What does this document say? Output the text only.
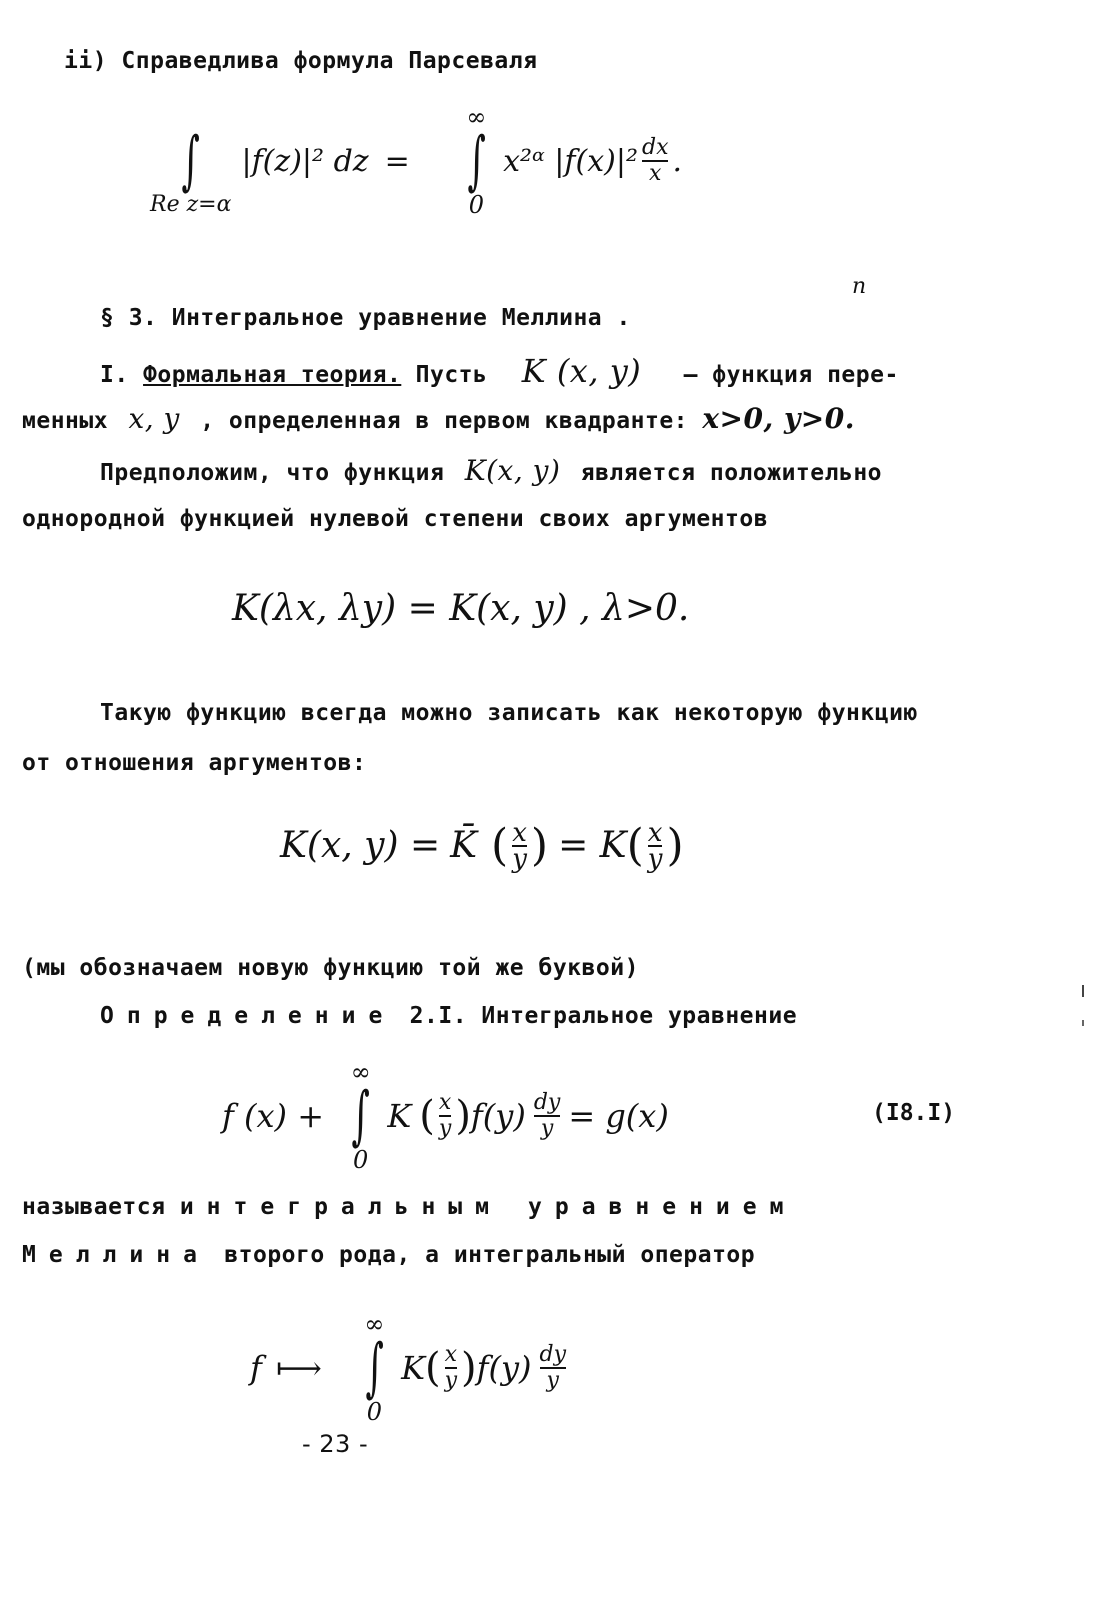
ii) Справедлива формула Парсеваля
∫
Re z=α
|f(z)|² dz =
∞
∫
0
x²ᵅ $|f(x)|^2 \frac{dx}{x}$ .
n
§ 3. Интегральное уравнение Меллина .
I. Формальная теория. Пусть K (x, y) – функция пере-
менных x, y , определенная в первом квадранте: x>0, y>0.
Предположим, что функция K(x, y) является положительно
однородной функцией нулевой степени своих аргументов
K(λx, λy) = K(x, y) , λ>0.
Такую функцию всегда можно записать как некоторую функцию
от отношения аргументов:
K(x, y) = K̄ ( $\frac{x}{y}$ ) = K ( $\frac{x}{y}$ )
(мы обозначаем новую функцию той же буквой)
Определение 2.I. Интегральное уравнение
f (x) +
∞
∫
0
K ( $\frac{x}{y}$ ) $f(y) \frac{dy}{y} = g(x)$	(I8.I)
называется интегральным уравнением
Меллина второго рода, а интегральный оператор
f ⟼
∞
∫
0
K ( $\frac{x}{y}$ ) $f(y) \frac{dy}{y}$
- 23 -
